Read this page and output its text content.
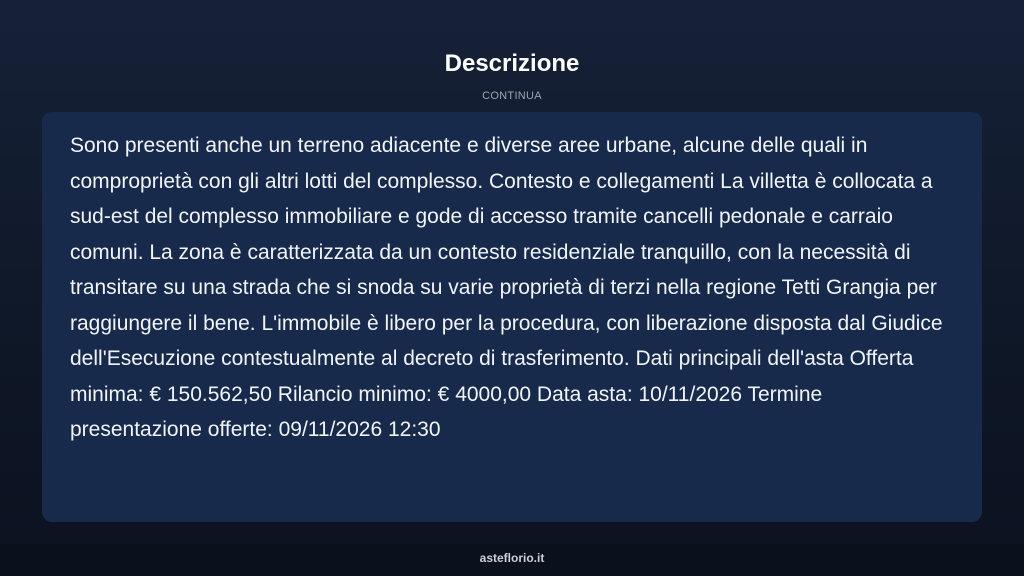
Descrizione
CONTINUA

Sono presenti anche un terreno adiacente e diverse aree urbane, alcune delle quali in comproprietà con gli altri lotti del complesso. Contesto e collegamenti La villetta è collocata a sud-est del complesso immobiliare e gode di accesso tramite cancelli pedonale e carraio comuni. La zona è caratterizzata da un contesto residenziale tranquillo, con la necessità di transitare su una strada che si snoda su varie proprietà di terzi nella regione Tetti Grangia per raggiungere il bene. L'immobile è libero per la procedura, con liberazione disposta dal Giudice dell'Esecuzione contestualmente al decreto di trasferimento. Dati principali dell'asta Offerta minima: € 150.562,50 Rilancio minimo: € 4000,00 Data asta: 10/11/2026 Termine presentazione offerte: 09/11/2026 12:30

asteflorio.it
